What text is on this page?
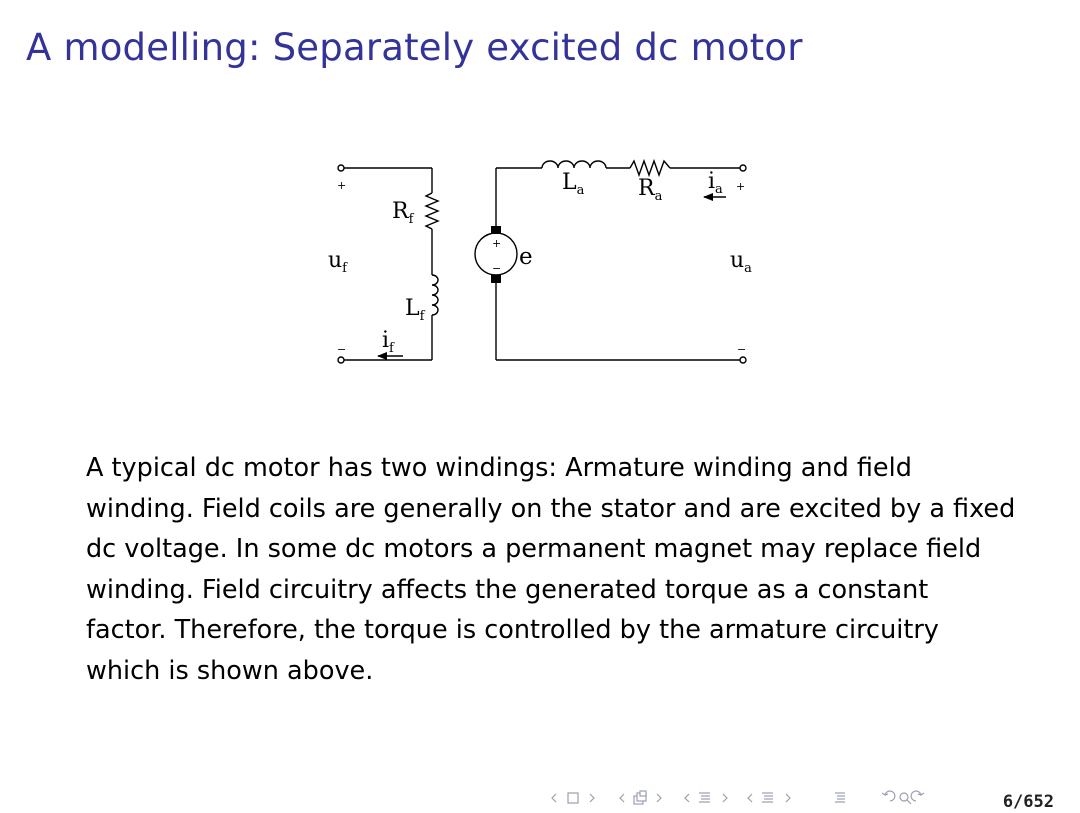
A modelling: Separately excited dc motor
$R_f$
$L_f$
$u_f$
$i_f$
$L_a$ $R_a$
$i_a$
$u_a$
e
+
−
+
−
+
−

A typical dc motor has two windings: Armature winding and field winding. Field coils are generally on the stator and are excited by a fixed dc voltage. In some dc motors a permanent magnet may replace field winding. Field circuitry affects the generated torque as a constant factor. Therefore, the torque is controlled by the armature circuitry which is shown above.

6/652
